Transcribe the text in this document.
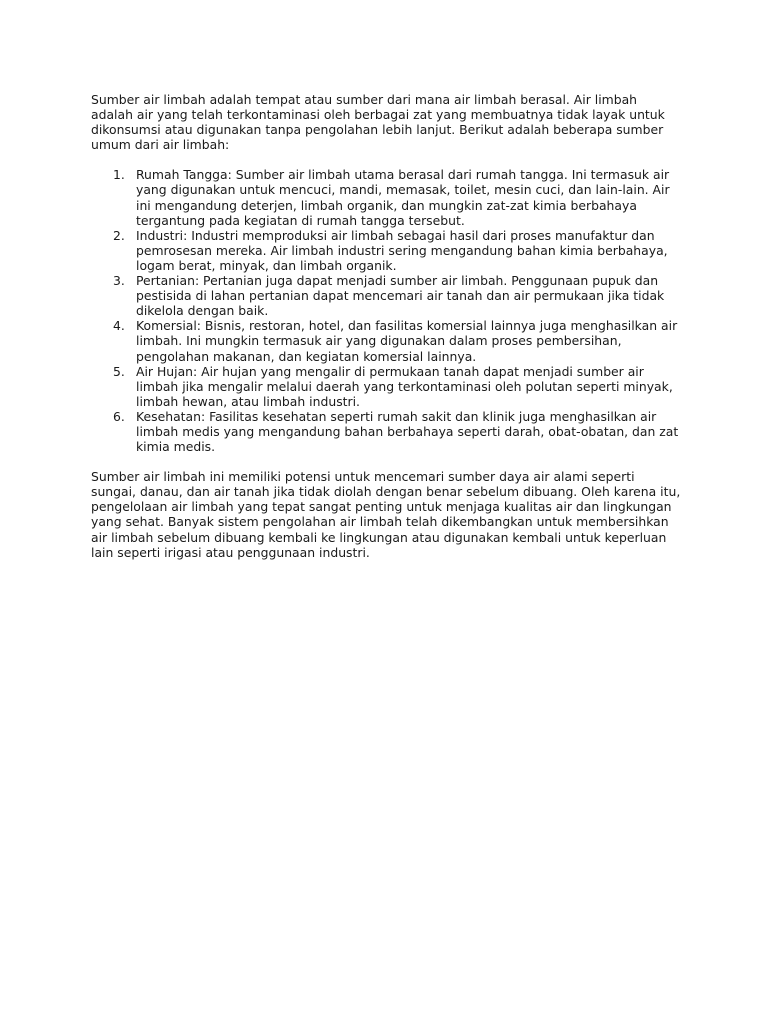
Sumber air limbah adalah tempat atau sumber dari mana air limbah berasal. Air limbah adalah air yang telah terkontaminasi oleh berbagai zat yang membuatnya tidak layak untuk dikonsumsi atau digunakan tanpa pengolahan lebih lanjut. Berikut adalah beberapa sumber umum dari air limbah:

1. Rumah Tangga: Sumber air limbah utama berasal dari rumah tangga. Ini termasuk air yang digunakan untuk mencuci, mandi, memasak, toilet, mesin cuci, dan lain-lain. Air ini mengandung deterjen, limbah organik, dan mungkin zat-zat kimia berbahaya tergantung pada kegiatan di rumah tangga tersebut.
2. Industri: Industri memproduksi air limbah sebagai hasil dari proses manufaktur dan pemrosesan mereka. Air limbah industri sering mengandung bahan kimia berbahaya, logam berat, minyak, dan limbah organik.
3. Pertanian: Pertanian juga dapat menjadi sumber air limbah. Penggunaan pupuk dan pestisida di lahan pertanian dapat mencemari air tanah dan air permukaan jika tidak dikelola dengan baik.
4. Komersial: Bisnis, restoran, hotel, dan fasilitas komersial lainnya juga menghasilkan air limbah. Ini mungkin termasuk air yang digunakan dalam proses pembersihan, pengolahan makanan, dan kegiatan komersial lainnya.
5. Air Hujan: Air hujan yang mengalir di permukaan tanah dapat menjadi sumber air limbah jika mengalir melalui daerah yang terkontaminasi oleh polutan seperti minyak, limbah hewan, atau limbah industri.
6. Kesehatan: Fasilitas kesehatan seperti rumah sakit dan klinik juga menghasilkan air limbah medis yang mengandung bahan berbahaya seperti darah, obat-obatan, dan zat kimia medis.

Sumber air limbah ini memiliki potensi untuk mencemari sumber daya air alami seperti sungai, danau, dan air tanah jika tidak diolah dengan benar sebelum dibuang. Oleh karena itu, pengelolaan air limbah yang tepat sangat penting untuk menjaga kualitas air dan lingkungan yang sehat. Banyak sistem pengolahan air limbah telah dikembangkan untuk membersihkan air limbah sebelum dibuang kembali ke lingkungan atau digunakan kembali untuk keperluan lain seperti irigasi atau penggunaan industri.
